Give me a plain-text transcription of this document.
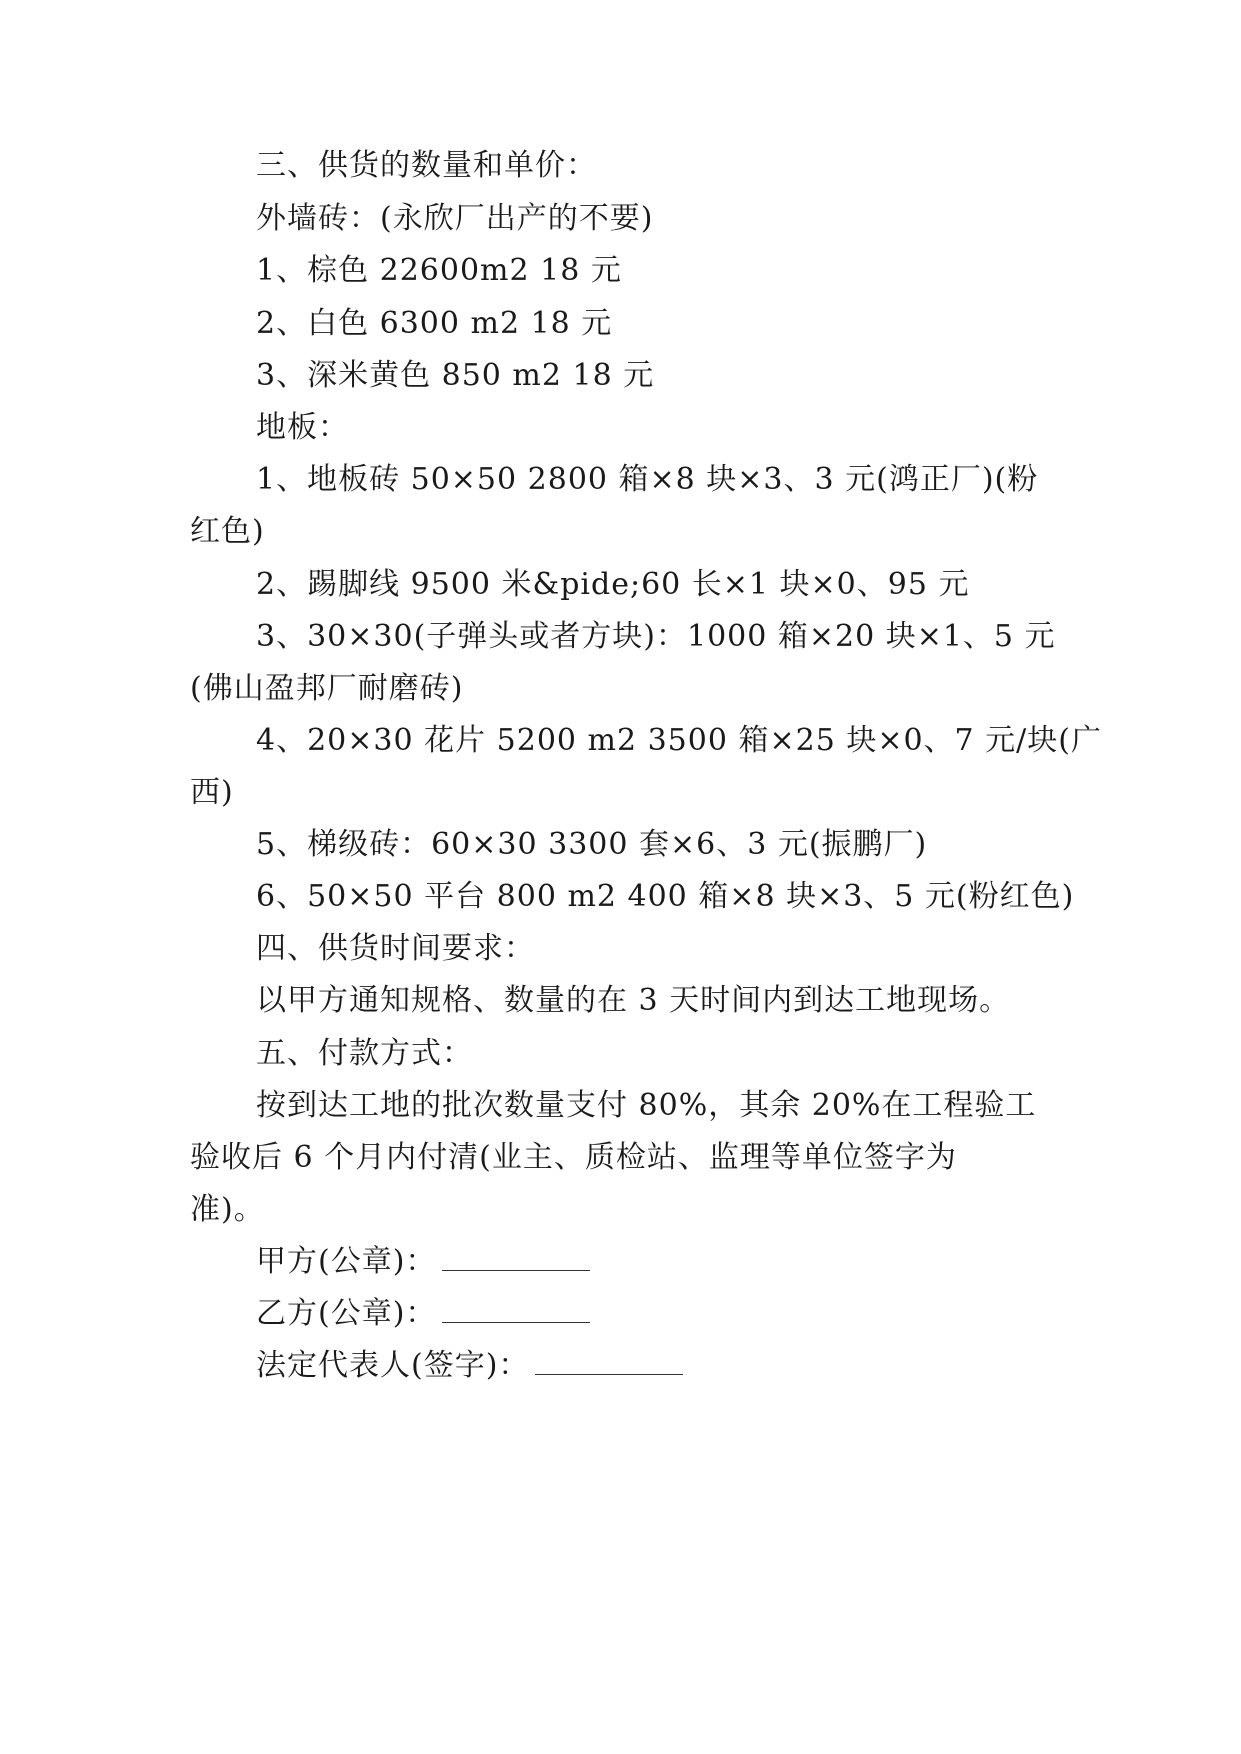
三、供货的数量和单价：
外墙砖：(永欣厂出产的不要)
1、棕色 22600m2 18 元
2、白色 6300 m2 18 元
3、深米黄色 850 m2 18 元
地板：
1、地板砖 50×50 2800 箱×8 块×3、3 元(鸿正厂)(粉
红色)
2、踢脚线 9500 米&pide;60 长×1 块×0、95 元
3、30×30(子弹头或者方块)：1000 箱×20 块×1、5 元
(佛山盈邦厂耐磨砖)
4、20×30 花片 5200 m2 3500 箱×25 块×0、7 元/块(广
西)
5、梯级砖：60×30 3300 套×6、3 元(振鹏厂)
6、50×50 平台 800 m2 400 箱×8 块×3、5 元(粉红色)
四、供货时间要求：
以甲方通知规格、数量的在 3 天时间内到达工地现场。
五、付款方式：
按到达工地的批次数量支付 80%，其余 20%在工程验工
验收后 6 个月内付清(业主、质检站、监理等单位签字为
准)。
甲方(公章)：
乙方(公章)：
法定代表人(签字)：
